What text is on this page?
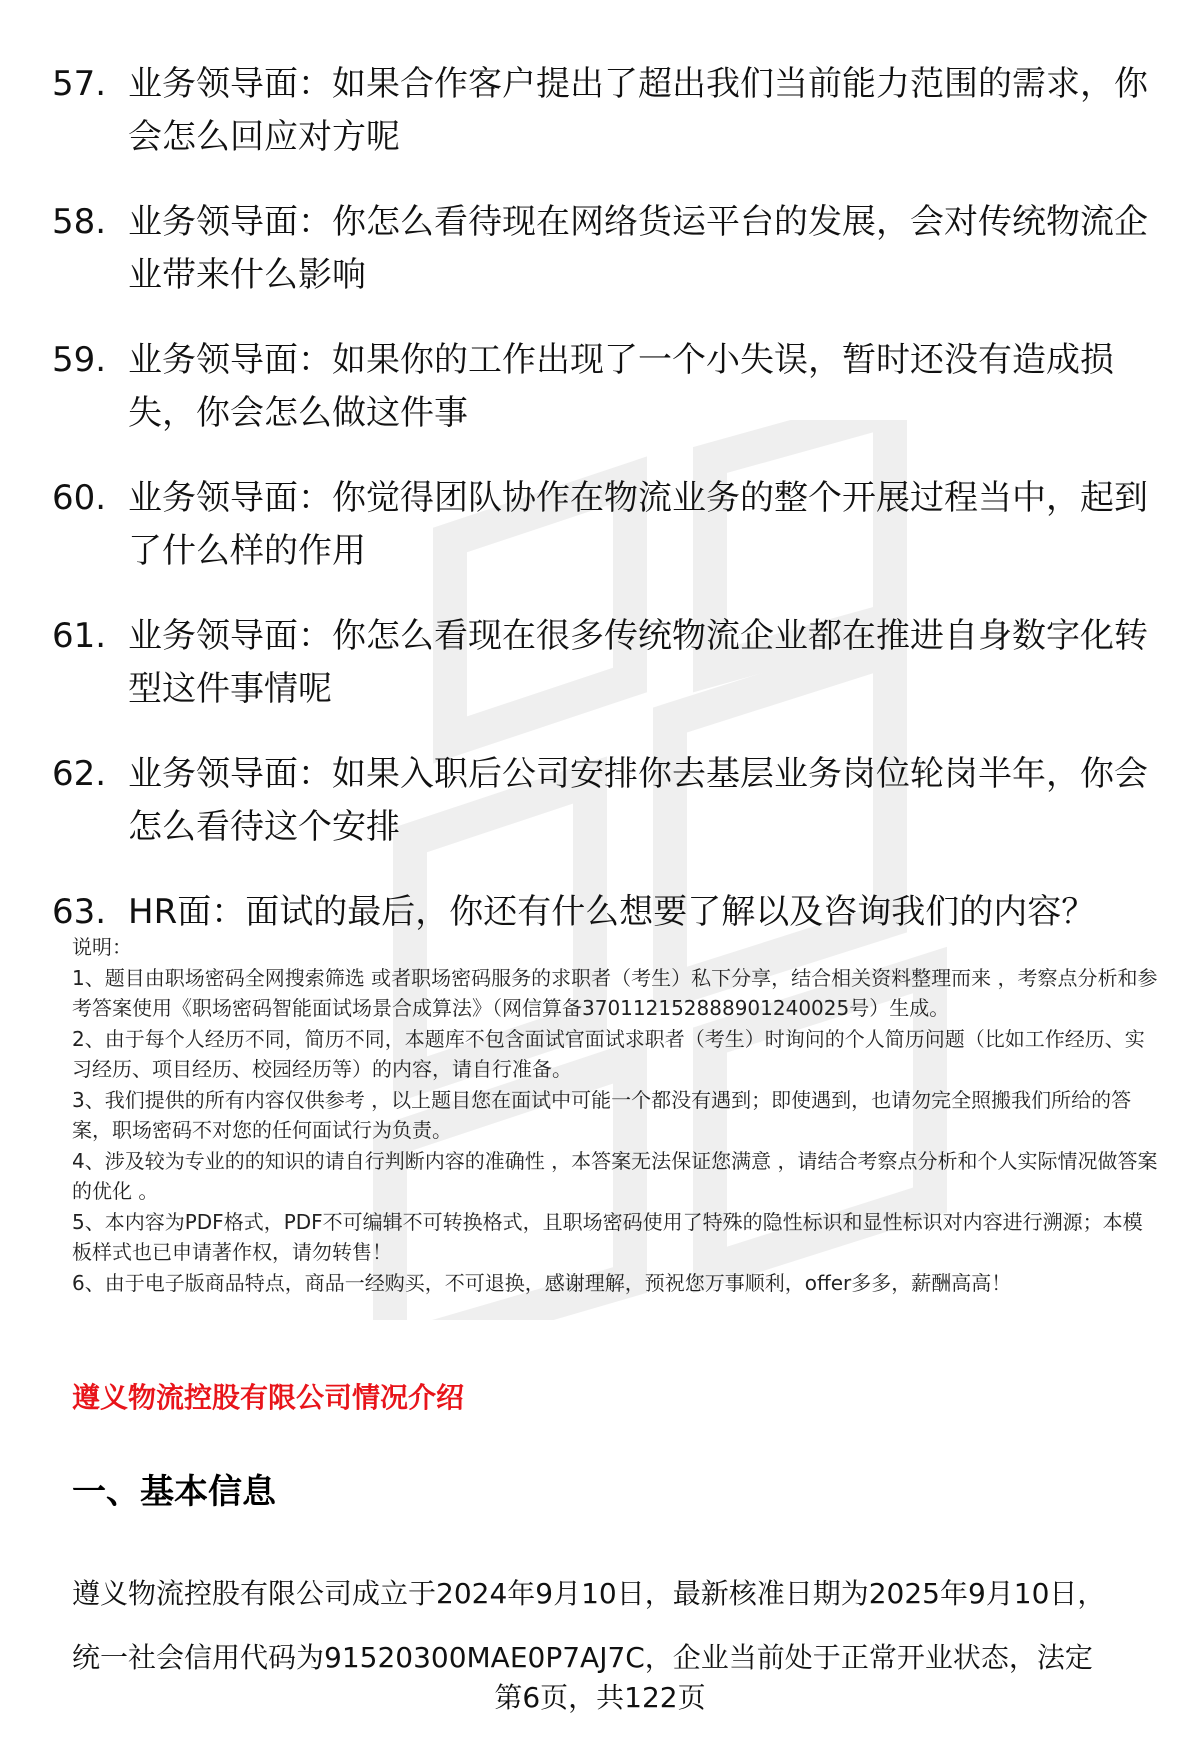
57. 业务领导面：如果合作客户提出了超出我们当前能力范围的需求，你会怎么回应对方呢
58. 业务领导面：你怎么看待现在网络货运平台的发展，会对传统物流企业带来什么影响
59. 业务领导面：如果你的工作出现了一个小失误，暂时还没有造成损失，你会怎么做这件事
60. 业务领导面：你觉得团队协作在物流业务的整个开展过程当中，起到了什么样的作用
61. 业务领导面：你怎么看现在很多传统物流企业都在推进自身数字化转型这件事情呢
62. 业务领导面：如果入职后公司安排你去基层业务岗位轮岗半年，你会怎么看待这个安排
63. HR面：面试的最后，你还有什么想要了解以及咨询我们的内容？

说明：

1、题目由职场密码全网搜索筛选 或者职场密码服务的求职者（考生）私下分享，结合相关资料整理而来 ，考察点分析和参考答案使用《职场密码智能面试场景合成算法》（网信算备370112152888901240025号）生成。

2、由于每个人经历不同，简历不同，本题库不包含面试官面试求职者（考生）时询问的个人简历问题（比如工作经历、实习经历、项目经历、校园经历等）的内容，请自行准备。

3、我们提供的所有内容仅供参考 ，以上题目您在面试中可能一个都没有遇到；即使遇到，也请勿完全照搬我们所给的答案，职场密码不对您的任何面试行为负责。

4、涉及较为专业的的知识的请自行判断内容的准确性 ，本答案无法保证您满意 ，请结合考察点分析和个人实际情况做答案的优化 。

5、本内容为PDF格式，PDF不可编辑不可转换格式，且职场密码使用了特殊的隐性标识和显性标识对内容进行溯源；本模板样式也已申请著作权，请勿转售！

6、由于电子版商品特点，商品一经购买，不可退换，感谢理解，预祝您万事顺利，offer多多，薪酬高高！

遵义物流控股有限公司情况介绍
一、基本信息

遵义物流控股有限公司成立于2024年9月10日，最新核准日期为2025年9月10日，

统一社会信用代码为91520300MAE0P7AJ7C，企业当前处于正常开业状态，法定

第6页，共122页
